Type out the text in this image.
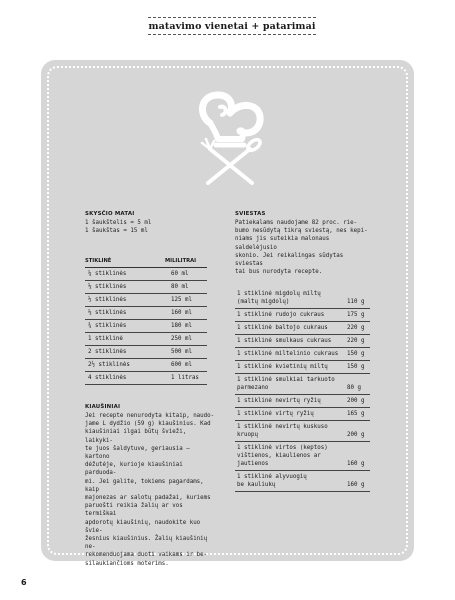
matavimo vienetai + patarimai
SKYSČIO MATAI
1 šaukštelis = 5 ml
1 šaukštas = 15 ml
STIKLINĖ	MILILITRAI
¼ stiklinės	60 ml
⅓ stiklinės	80 ml
½ stiklinės	125 ml
⅔ stiklinės	160 ml
¾ stiklinės	180 ml
1 stiklinė	250 ml
2 stiklinės	500 ml
2½ stiklinės	600 ml
4 stiklinės	1 litras
KIAUŠINIAI
Jei recepte nenurodyta kitaip, naudo-
jame L dydžio (59 g) kiaušinius. Kad
kiaušiniai ilgai būtų švieži, laikyki-
te juos šaldytuve, geriausia – kartono
dėžutėje, kurioje kiaušiniai parduoda-
mi. Jei galite, tokiems pagardams, kaip
majonezas ar salotų padažai, kuriems
paruošti reikia žalių ar vos termiškai
apdorotų kiaušinių, naudokite kuo švie-
žesnius kiaušinius. Žalių kiaušinių ne-
rekomenduojama duoti vaikams ir be-
silaukiančioms moterims.
SVIESTAS
Patiekalams naudojame 82 proc. rie-
bumo nesūdytą tikrą sviestą, nes kepi-
niams jis suteikia malonaus saldelėjusio
skonio. Jei reikalingas sūdytas sviestas
tai bus nurodyta recepte.
1 stiklinė migdolų miltų
(maltų migdolų)	110 g

1 stiklinė rudojo cukraus	175 g

1 stiklinė baltojo cukraus	220 g

1 stiklinė smulkaus cukraus	220 g

1 stiklinė miltelinio cukraus	150 g

1 stiklinė kvietinių miltų	150 g

1 stiklinė smulkiai tarkuoto
parmezano	80 g

1 stiklinė nevirtų ryžių	200 g

1 stiklinė virtų ryžių	165 g

1 stiklinė nevirtų kuskuso
kruopų	200 g

1 stiklinė virtos (keptos)
vištienos, kiaulienos ar
jautienos	160 g

1 stiklinė alyvuogių
be kauliukų	160 g
6
